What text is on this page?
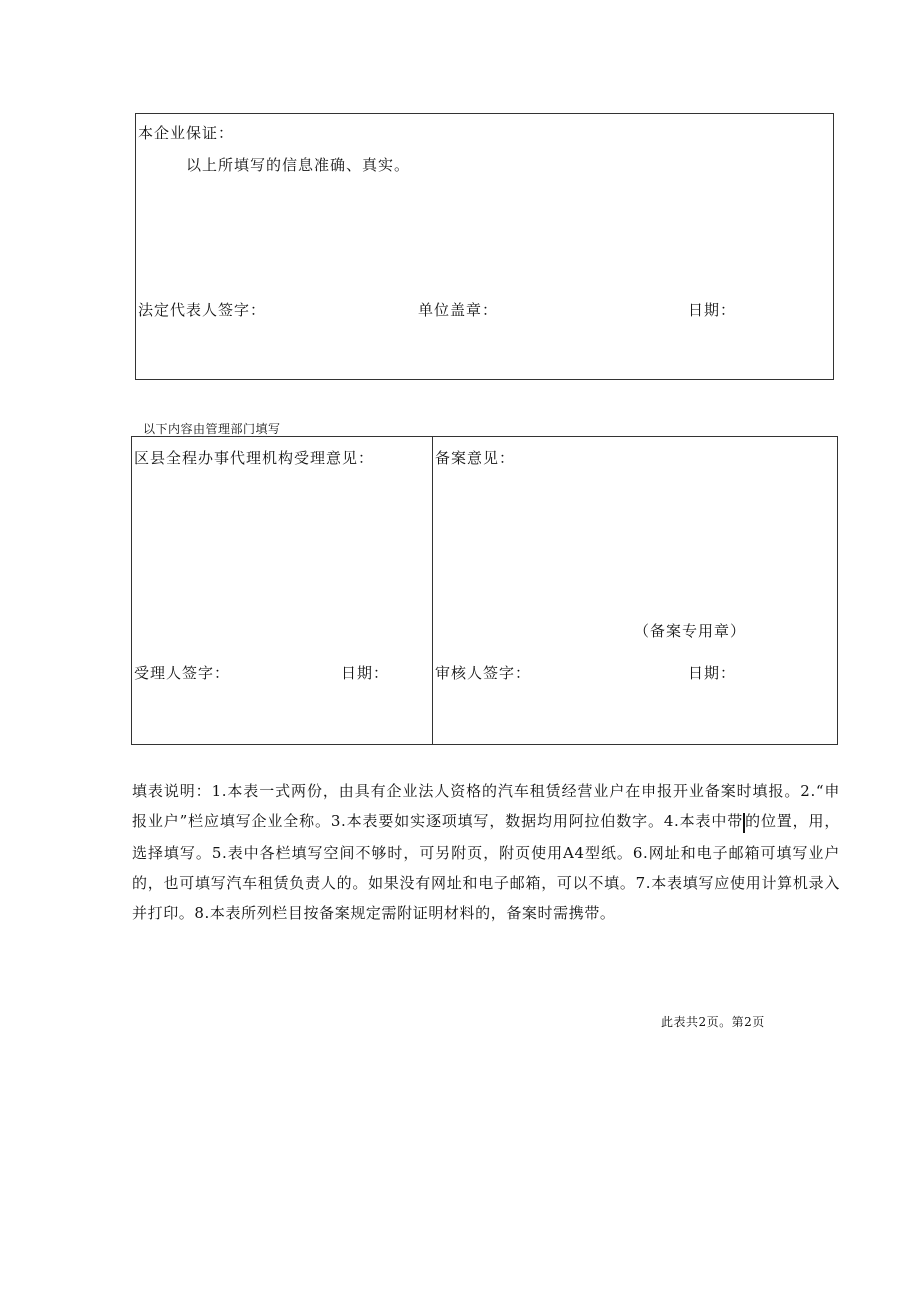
本企业保证：
以上所填写的信息准确、真实。
法定代表人签字：	单位盖章：	日期：
以下内容由管理部门填写
区县全程办事代理机构受理意见：
受理人签字：	日期：
备案意见：
（备案专用章）
审核人签字：	日期：
填表说明：1.本表一式两份，由具有企业法人资格的汽车租赁经营业户在申报开业备案时填报。2.“申报业户”栏应填写企业全称。3.本表要如实逐项填写，数据均用阿拉伯数字。4.本表中带 的位置，用，选择填写。5.表中各栏填写空间不够时，可另附页，附页使用A4型纸。6.网址和电子邮箱可填写业户的，也可填写汽车租赁负责人的。如果没有网址和电子邮箱，可以不填。7.本表填写应使用计算机录入并打印。8.本表所列栏目按备案规定需附证明材料的，备案时需携带。
此表共2页。第2页
